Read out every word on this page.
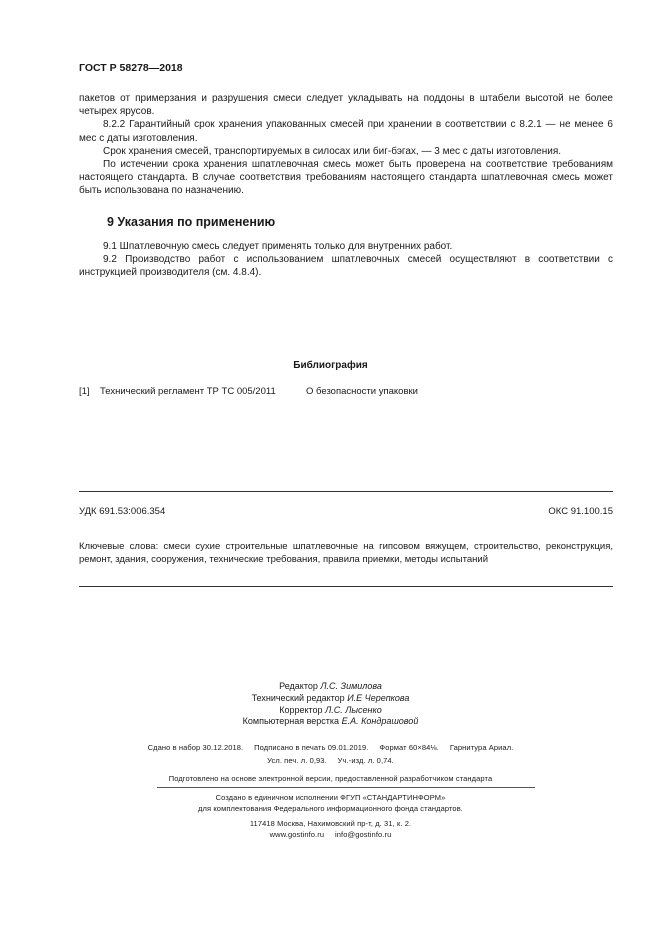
ГОСТ Р 58278—2018

пакетов от примерзания и разрушения смеси следует укладывать на поддоны в штабели высотой не более четырех ярусов.

8.2.2 Гарантийный срок хранения упакованных смесей при хранении в соответствии с 8.2.1 — не менее 6 мес с даты изготовления.

Срок хранения смесей, транспортируемых в силосах или биг-бэгах, — 3 мес с даты изготовления.

По истечении срока хранения шпатлевочная смесь может быть проверена на соответствие требованиям настоящего стандарта. В случае соответствия требованиям настоящего стандарта шпатлевочная смесь может быть использована по назначению.

9 Указания по применению

9.1 Шпатлевочную смесь следует применять только для внутренних работ.

9.2 Производство работ с использованием шпатлевочных смесей осуществляют в соответствии с инструкцией производителя (см. 4.8.4).

Библиография
[1] Технический регламент ТР ТС 005/2011	О безопасности упаковки
УДК 691.53:006.354	ОКС 91.100.15
Ключевые слова: смеси сухие строительные шпатлевочные на гипсовом вяжущем, строительство, реконструкция, ремонт, здания, сооружения, технические требования, правила приемки, методы испытаний
Редактор Л.С. Зимилова
Технический редактор И.Е Черепкова
Корректор Л.С. Лысенко
Компьютерная верстка Е.А. Кондрашовой
Сдано в набор 30.12.2018.     Подписано в печать 09.01.2019.     Формат 60×84⅛.     Гарнитура Ариал.
Усл. печ. л. 0,93.     Уч.-изд. л. 0,74.
Подготовлено на основе электронной версии, предоставленной разработчиком стандарта
Создано в единичном исполнении ФГУП «СТАНДАРТИНФОРМ»
для комплектования Федерального информационного фонда стандартов.
117418 Москва, Нахимовский пр-т, д. 31, к. 2.
www.gostinfo.ru     info@gostinfo.ru
